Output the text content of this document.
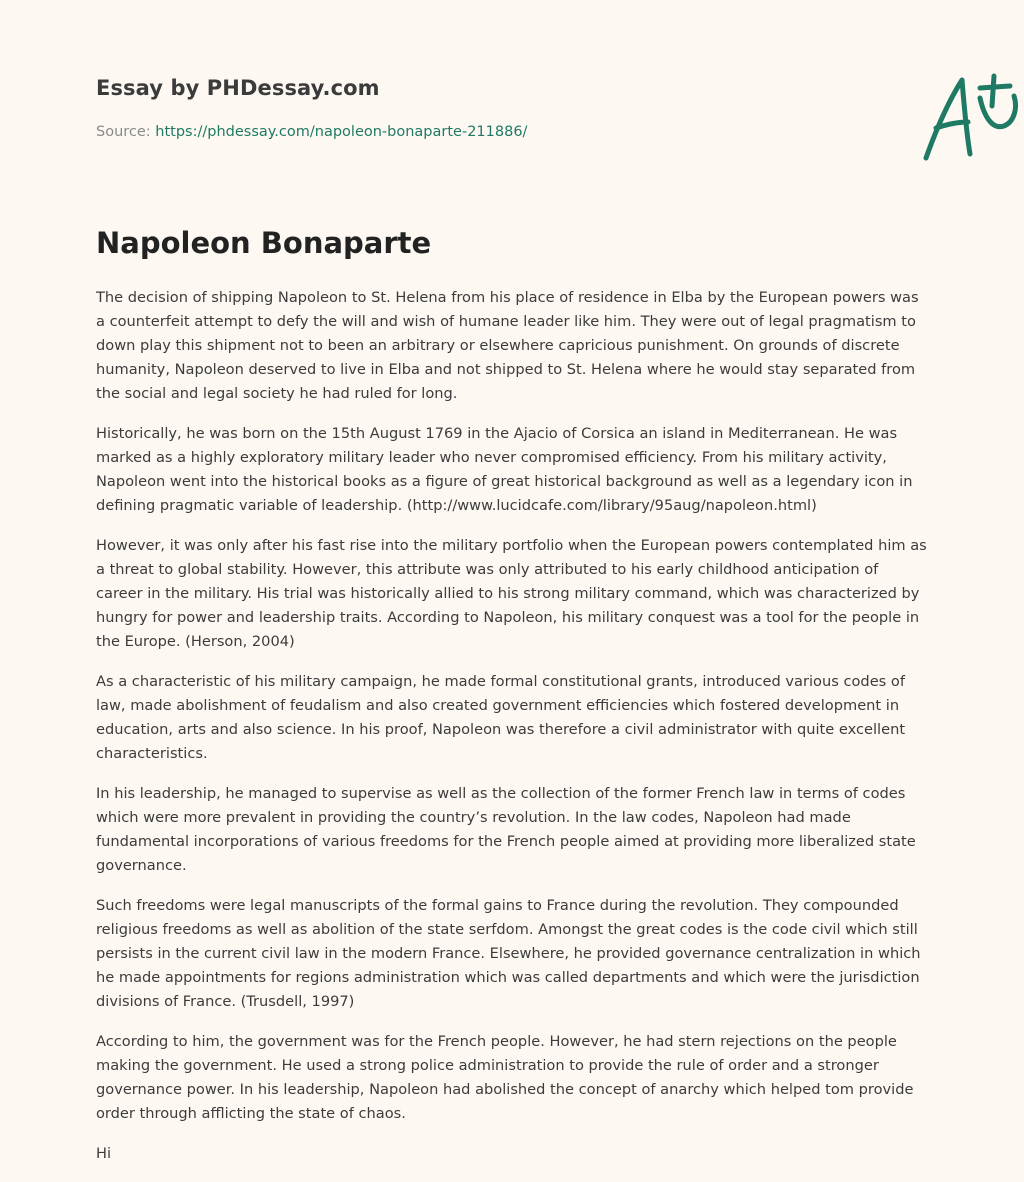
Essay by PHDessay.com
Source: https://phdessay.com/napoleon-bonaparte-211886/
Napoleon Bonaparte

The decision of shipping Napoleon to St. Helena from his place of residence in Elba by the European powers was a counterfeit attempt to defy the will and wish of humane leader like him. They were out of legal pragmatism to down play this shipment not to been an arbitrary or elsewhere capricious punishment. On grounds of discrete humanity, Napoleon deserved to live in Elba and not shipped to St. Helena where he would stay separated from the social and legal society he had ruled for long.

Historically, he was born on the 15th August 1769 in the Ajacio of Corsica an island in Mediterranean. He was marked as a highly exploratory military leader who never compromised efficiency. From his military activity, Napoleon went into the historical books as a figure of great historical background as well as a legendary icon in defining pragmatic variable of leadership. (http://www.lucidcafe.com/library/95aug/napoleon.html)

However, it was only after his fast rise into the military portfolio when the European powers contemplated him as a threat to global stability. However, this attribute was only attributed to his early childhood anticipation of career in the military. His trial was historically allied to his strong military command, which was characterized by hungry for power and leadership traits. According to Napoleon, his military conquest was a tool for the people in the Europe. (Herson, 2004)

As a characteristic of his military campaign, he made formal constitutional grants, introduced various codes of law, made abolishment of feudalism and also created government efficiencies which fostered development in education, arts and also science. In his proof, Napoleon was therefore a civil administrator with quite excellent characteristics.

In his leadership, he managed to supervise as well as the collection of the former French law in terms of codes which were more prevalent in providing the country’s revolution. In the law codes, Napoleon had made fundamental incorporations of various freedoms for the French people aimed at providing more liberalized state governance.

Such freedoms were legal manuscripts of the formal gains to France during the revolution. They compounded religious freedoms as well as abolition of the state serfdom. Amongst the great codes is the code civil which still persists in the current civil law in the modern France. Elsewhere, he provided governance centralization in which he made appointments for regions administration which was called departments and which were the jurisdiction divisions of France. (Trusdell, 1997)

According to him, the government was for the French people. However, he had stern rejections on the people making the government. He used a strong police administration to provide the rule of order and a stronger governance power. In his leadership, Napoleon had abolished the concept of anarchy which helped tom provide order through afflicting the state of chaos.

Hi
